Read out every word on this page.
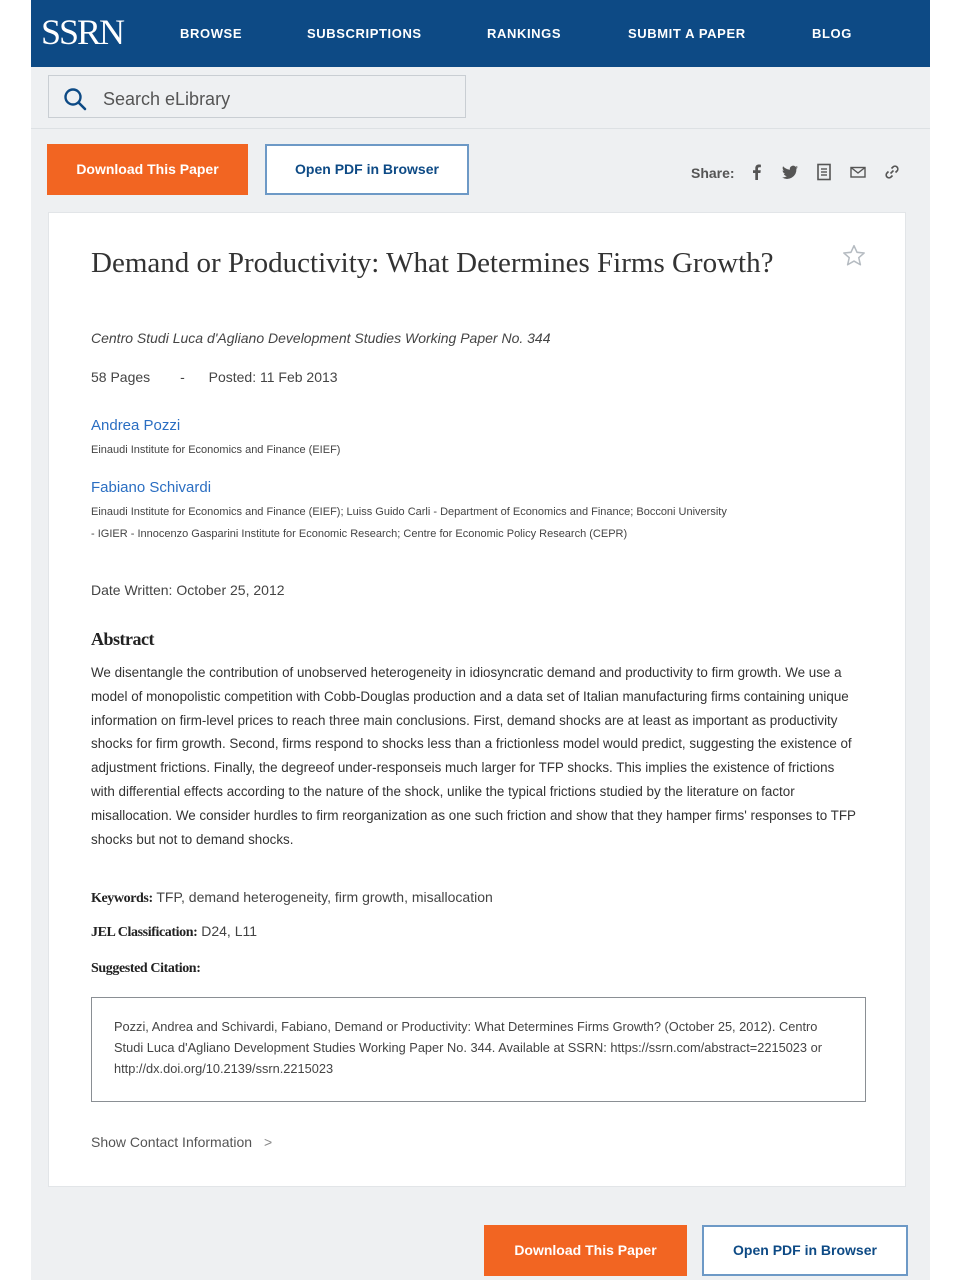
SSRN	BROWSE	SUBSCRIPTIONS	RANKINGS	SUBMIT A PAPER	BLOG
Search eLibrary
Download This Paper	Open PDF in Browser	Share:
Demand or Productivity: What Determines Firms Growth?
Centro Studi Luca d'Agliano Development Studies Working Paper No. 344
58 Pages - Posted: 11 Feb 2013
Andrea Pozzi
Einaudi Institute for Economics and Finance (EIEF)
Fabiano Schivardi
Einaudi Institute for Economics and Finance (EIEF); Luiss Guido Carli - Department of Economics and Finance; Bocconi University - IGIER - Innocenzo Gasparini Institute for Economic Research; Centre for Economic Policy Research (CEPR)
Date Written: October 25, 2012
Abstract
We disentangle the contribution of unobserved heterogeneity in idiosyncratic demand and productivity to firm growth. We use a model of monopolistic competition with Cobb-Douglas production and a data set of Italian manufacturing firms containing unique information on firm-level prices to reach three main conclusions. First, demand shocks are at least as important as productivity shocks for firm growth. Second, firms respond to shocks less than a frictionless model would predict, suggesting the existence of adjustment frictions. Finally, the degreeof under-responseis much larger for TFP shocks. This implies the existence of frictions with differential effects according to the nature of the shock, unlike the typical frictions studied by the literature on factor misallocation. We consider hurdles to firm reorganization as one such friction and show that they hamper firms' responses to TFP shocks but not to demand shocks.
Keywords: TFP, demand heterogeneity, firm growth, misallocation
JEL Classification: D24, L11
Suggested Citation:
Pozzi, Andrea and Schivardi, Fabiano, Demand or Productivity: What Determines Firms Growth? (October 25, 2012). Centro Studi Luca d'Agliano Development Studies Working Paper No. 344. Available at SSRN: https://ssrn.com/abstract=2215023 or http://dx.doi.org/10.2139/ssrn.2215023
Show Contact Information >
Download This Paper	Open PDF in Browser
